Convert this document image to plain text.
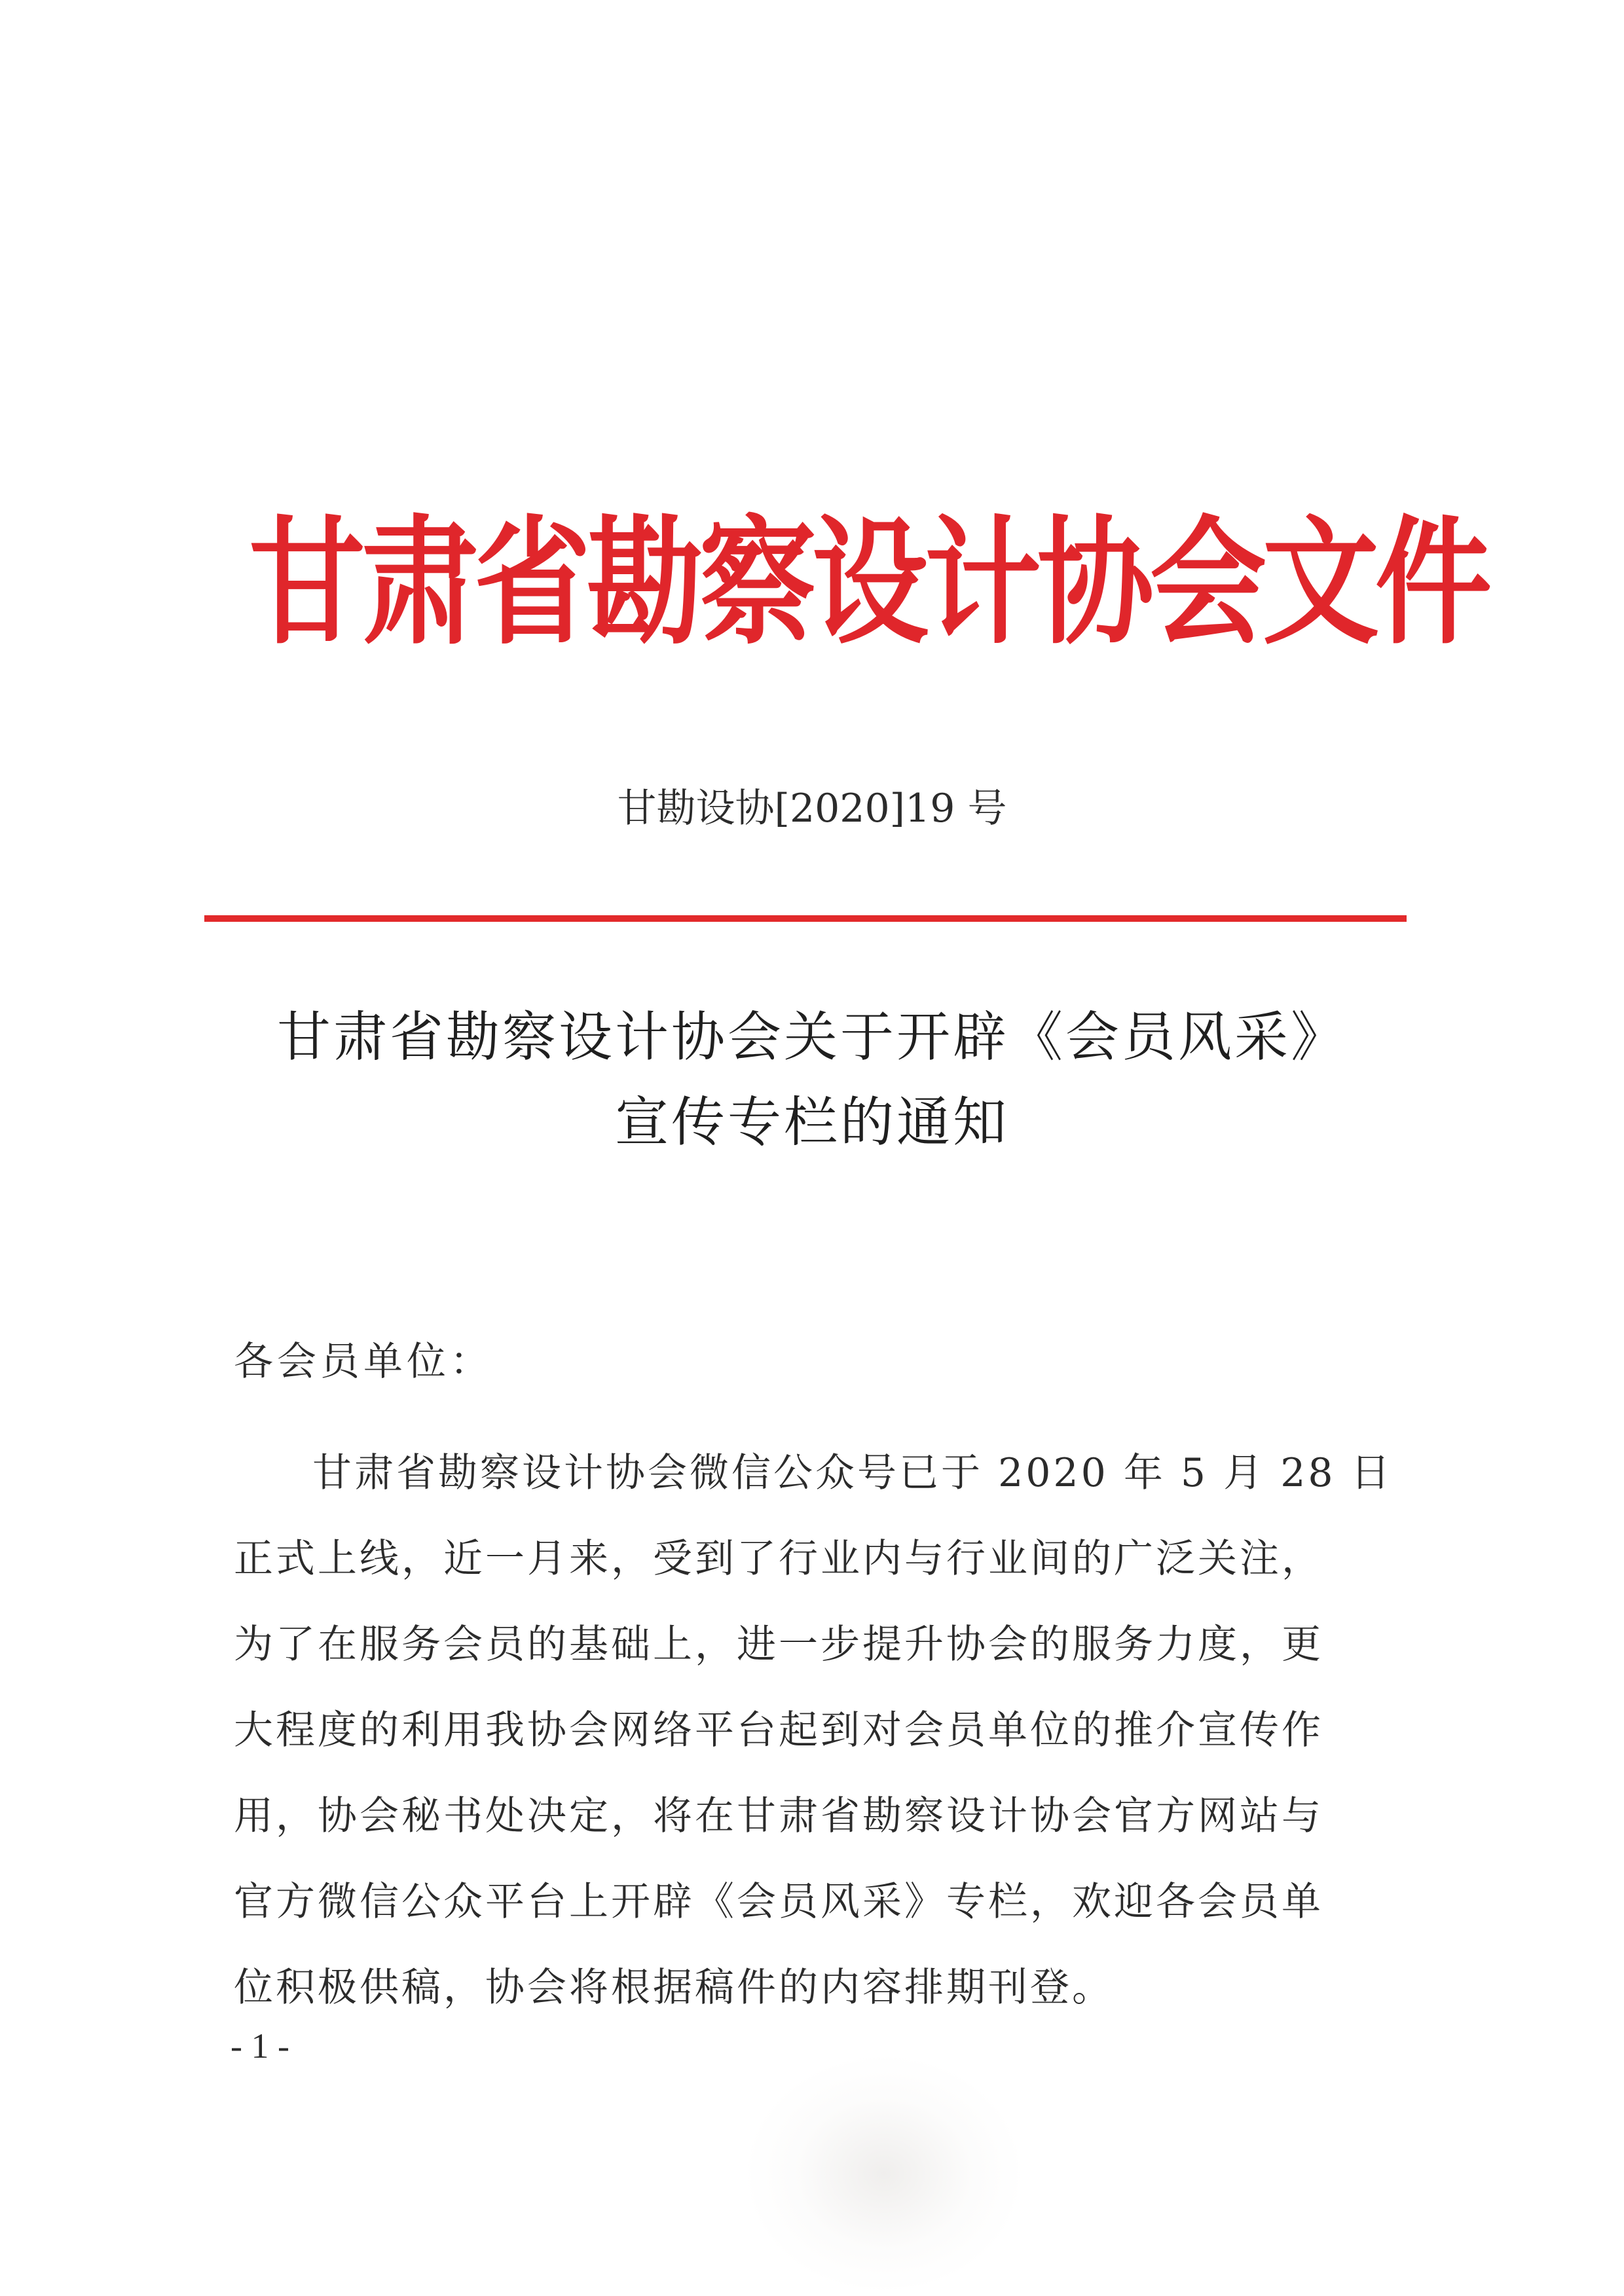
甘肃省勘察设计协会文件
甘勘设协[2020]19 号
甘肃省勘察设计协会关于开辟《会员风采》
宣传专栏的通知
各会员单位：
甘肃省勘察设计协会微信公众号已于 2020 年 5 月 28 日
正式上线，近一月来，受到了行业内与行业间的广泛关注，
为了在服务会员的基础上，进一步提升协会的服务力度，更
大程度的利用我协会网络平台起到对会员单位的推介宣传作
用，协会秘书处决定，将在甘肃省勘察设计协会官方网站与
官方微信公众平台上开辟《会员风采》专栏，欢迎各会员单
位积极供稿，协会将根据稿件的内容排期刊登。
- 1 -
